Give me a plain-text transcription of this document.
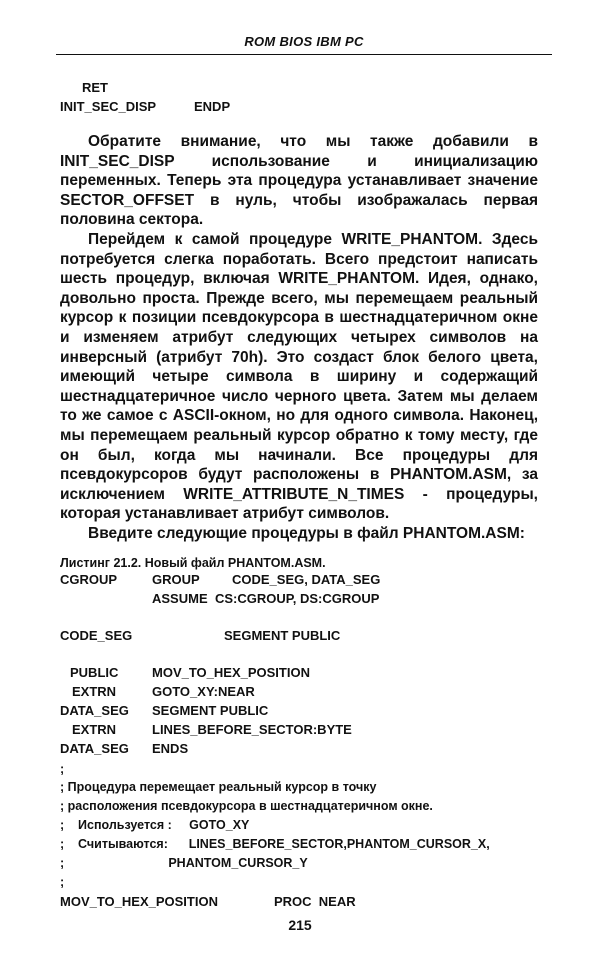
ROM BIOS IBM PC
RET
INIT_SEC_DISP	ENDP

Обратите внимание, что мы также добавили в INIT_SEC_DISP использование и инициализацию переменных. Теперь эта процедура устанавливает значение SECTOR_OFFSET в нуль, чтобы изображалась первая половина сектора.

Перейдем к самой процедуре WRITE_PHANTOM. Здесь потребуется слегка поработать. Всего предстоит написать шесть процедур, включая WRITE_PHANTOM. Идея, однако, довольно проста. Прежде всего, мы перемещаем реальный курсор к позиции псевдокурсора в шестнадцатеричном окне и изменяем атрибут следующих четырех символов на инверсный (атрибут 70h). Это создаст блок белого цвета, имеющий четыре символа в ширину и содержащий шестнадцатеричное число черного цвета. Затем мы делаем то же самое с ASCII-окном, но для одного символа. Наконец, мы перемещаем реальный курсор обратно к тому месту, где он был, когда мы начинали. Все процедуры для псевдокурсоров будут расположены в PHANTOM.ASM, за исключением WRITE_ATTRIBUTE_N_TIMES - процедуры, которая устанавливает атрибут символов.

Введите следующие процедуры в файл PHANTOM.ASM:

Листинг 21.2. Новый файл PHANTOM.ASM.
CGROUP	GROUP CODE_SEG, DATA_SEG
ASSUME CS:CGROUP, DS:CGROUP
CODE_SEG	SEGMENT PUBLIC
PUBLIC	MOV_TO_HEX_POSITION
EXTRN	GOTO_XY:NEAR
DATA_SEG SEGMENT PUBLIC
EXTRN	LINES_BEFORE_SECTOR:BYTE
DATA_SEG ENDS
;
; Процедура перемещает реальный курсор в точку
; расположения псевдокурсора в шестнадцатеричном окне.
;    Используется :     GOTO_XY
;    Считываются:      LINES_BEFORE_SECTOR,PHANTOM_CURSOR_X,
;                              PHANTOM_CURSOR_Y
;
MOV_TO_HEX_POSITION	PROC  NEAR
215
